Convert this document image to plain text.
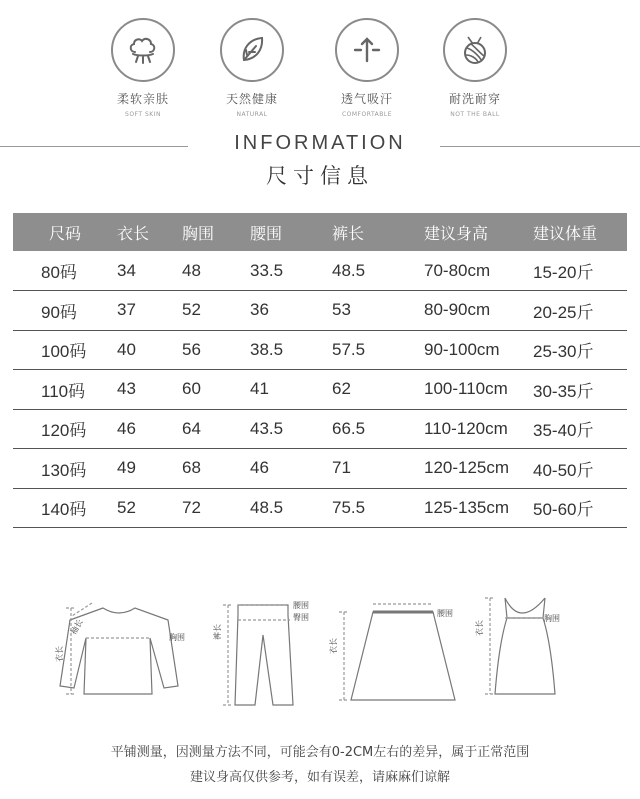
柔软亲肤
SOFT SKIN
天然健康
NATURAL
透气吸汗
COMFORTABLE
耐洗耐穿
NOT THE BALL
INFORMATION
尺寸信息
尺码	衣长	胸围	腰围	裤长	建议身高	建议体重
80码	34	48	33.5	48.5	70-80cm	15-20斤
90码	37	52	36	53	80-90cm	20-25斤
100码	40	56	38.5	57.5	90-100cm	25-30斤
110码	43	60	41	62	100-110cm	30-35斤
120码	46	64	43.5	66.5	110-120cm	35-40斤
130码	49	68	46	71	120-125cm	40-50斤
140码	52	72	48.5	75.5	125-135cm	50-60斤
衣长
袖长
胸围	裤长
腰围
臀围
衣长
腰围
衣长
胸围
平铺测量，因测量方法不同，可能会有0-2CM左右的差异，属于正常范围
建议身高仅供参考，如有误差，请麻麻们谅解
